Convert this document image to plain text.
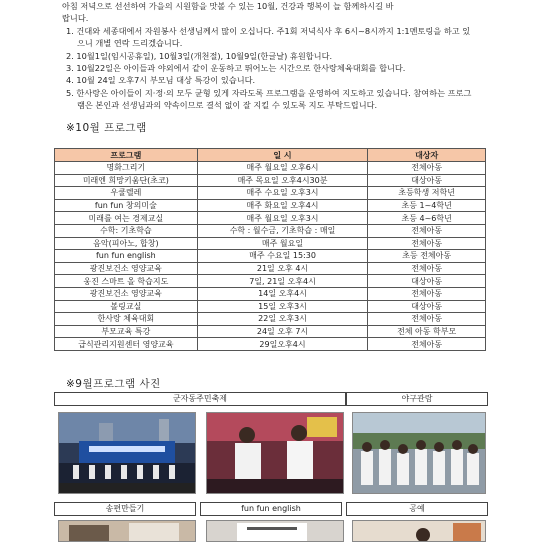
아침 저녁으로 선선하여 가을의 시원함을 맛볼 수 있는 10월, 건강과 행복이 늘 함께하시길 바

랍니다.

1. 건대와 세종대에서 자원봉사 선생님께서 많이 오십니다. 주1회 저녁식사 후 6시~8시까지 1:1멘토링을 하고 있으니 개별 연락 드리겠습니다.

2. 10월1일(임시공휴일), 10월3일(개천절), 10월9일(한글날) 휴원합니다.

3. 10월22일은 아이들과 야외에서 같이 운동하고 뛰어노는 시간으로 한사랑체육대회를 합니다.

4. 10월 24일 오후7시 부모님 대상 특강이 있습니다.

5. 한사랑은 아이들이 지·정·의 모두 균형 있게 자라도록 프로그램을 운영하여 지도하고 있습니다. 참여하는 프로그램은 본인과 선생님과의 약속이므로 결석 없이 잘 지킬 수 있도록 지도 부탁드립니다.

※10월 프로그램
프로그램	일 시	대상자
명화그리기	매주 월요일 오후6시	전체아동
미래엔 희망키움단(초코)	매주 목요일 오후4시30분	대상아동
우쿨렐레	매주 수요일 오후3시	초등학생 저학년
fun fun 창의미술	매주 화요일 오후4시	초등 1~4학년
미래를 여는 경제교실	매주 월요일 오후3시	초등 4~6학년
수학: 기초학습	수학 : 월수금, 기초학습 : 매일	전체아동
음악(피아노, 합창)	매주 월요일	전체아동
fun fun english	매주 수요일 15:30	초등 전체아동
광진보건소 영양교육	21일 오후 4시	전체아동
웅진 스마트 올 학습지도	7일, 21일 오후4시	대상아동
광진보건소 영양교육	14일 오후4시	전체아동
볼링교실	15일 오후3시	대상아동
한사랑 체육대회	22일 오후3시	전체아동
부모교육 특강	24일 오후 7시	전체 아동 학부모
급식관리지원센터 영양교육	29일오후4시	전체아동
※9월프로그램 사진
군자동주민축제	야구관람
송편만들기	fun fun english	공예
